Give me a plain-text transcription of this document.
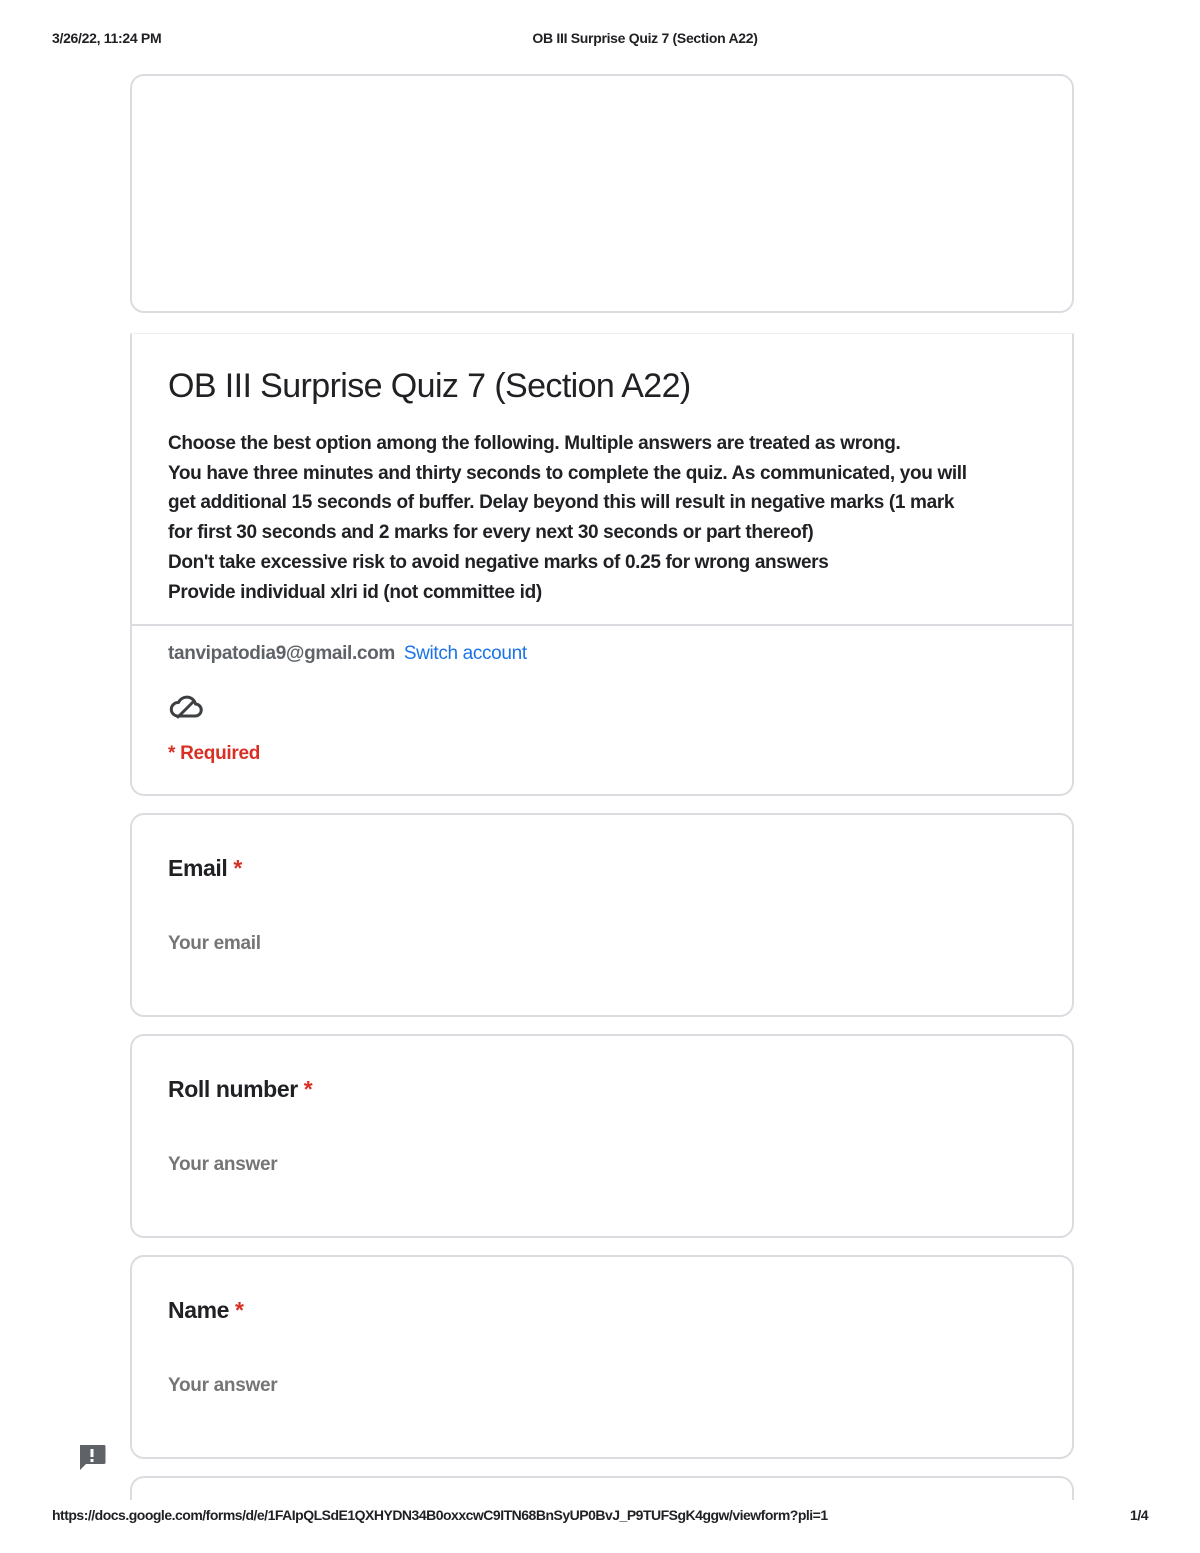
3/26/22, 11:24 PM	OB III Surprise Quiz 7 (Section A22)
OB III Surprise Quiz 7 (Section A22)
Choose the best option among the following. Multiple answers are treated as wrong.
You have three minutes and thirty seconds to complete the quiz. As communicated, you will
get additional 15 seconds of buffer. Delay beyond this will result in negative marks (1 mark
for first 30 seconds and 2 marks for every next 30 seconds or part thereof)
Don't take excessive risk to avoid negative marks of 0.25 for wrong answers
Provide individual xlri id (not committee id)
tanvipatodia9@gmail.com Switch account
* Required
Email *
Your email
Roll number *
Your answer
Name *
Your answer
https://docs.google.com/forms/d/e/1FAIpQLSdE1QXHYDN34B0oxxcwC9ITN68BnSyUP0BvJ_P9TUFSgK4ggw/viewform?pli=1	1/4
